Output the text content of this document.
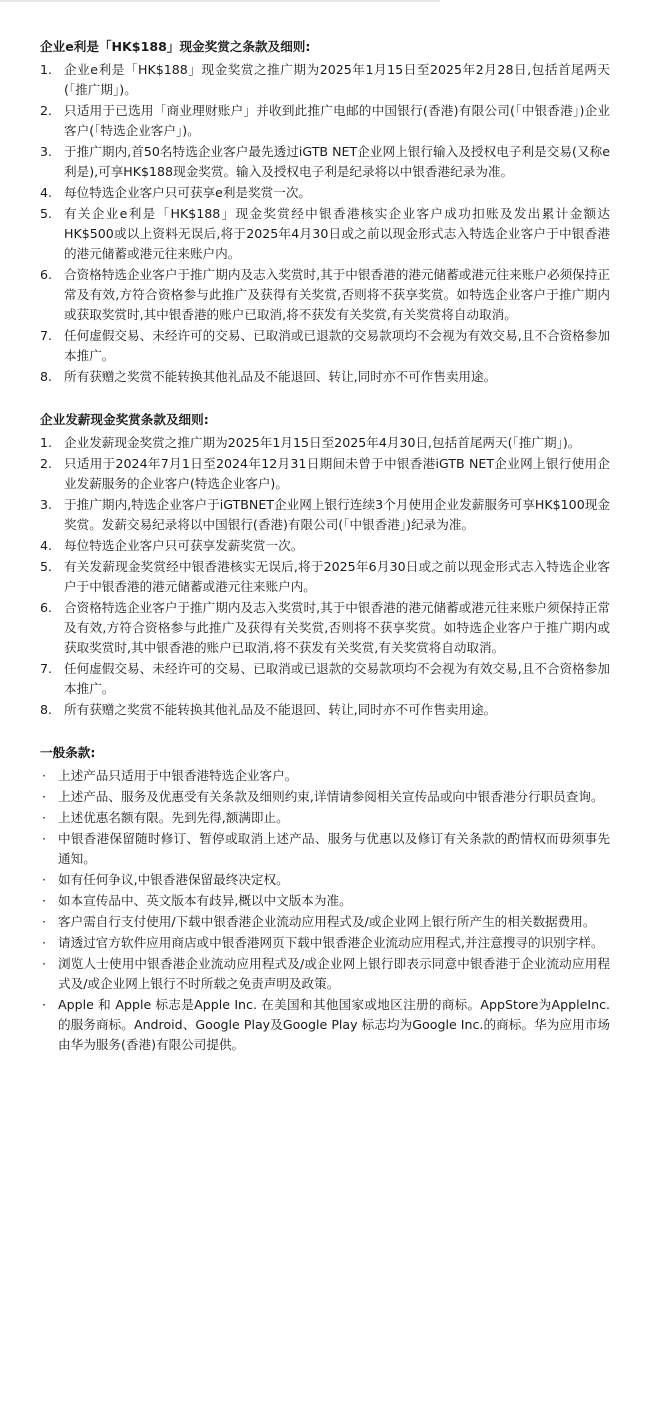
企业e利是「HK$188」现金奖赏之条款及细则:
1. 企业e利是「HK$188」现金奖赏之推广期为2025年1月15日至2025年2月28日,包括首尾两天(「推广期」)。
2. 只适用于已选用「商业理财账户」并收到此推广电邮的中国银行(香港)有限公司(「中银香港」)企业客户(「特选企业客户」)。
3. 于推广期内,首50名特选企业客户最先透过iGTB NET企业网上银行输入及授权电子利是交易(又称e利是),可享HK$188现金奖赏。输入及授权电子利是纪录将以中银香港纪录为准。
4. 每位特选企业客户只可获享e利是奖赏一次。
5. 有关企业e利是「HK$188」现金奖赏经中银香港核实企业客户成功扣账及发出累计金额达HK$500或以上资料无误后,将于2025年4月30日或之前以现金形式志入特选企业客户于中银香港的港元储蓄或港元往来账户内。
6. 合资格特选企业客户于推广期内及志入奖赏时,其于中银香港的港元储蓄或港元往来账户必须保持正常及有效,方符合资格参与此推广及获得有关奖赏,否则将不获享奖赏。如特选企业客户于推广期内或获取奖赏时,其中银香港的账户已取消,将不获发有关奖赏,有关奖赏将自动取消。
7. 任何虚假交易、未经许可的交易、已取消或已退款的交易款项均不会视为有效交易,且不合资格参加本推广。
8. 所有获赠之奖赏不能转换其他礼品及不能退回、转让,同时亦不可作售卖用途。
企业发薪现金奖赏条款及细则:
1. 企业发薪现金奖赏之推广期为2025年1月15日至2025年4月30日,包括首尾两天(「推广期」)。
2. 只适用于2024年7月1日至2024年12月31日期间未曾于中银香港iGTB NET企业网上银行使用企业发薪服务的企业客户(特选企业客户)。
3. 于推广期内,特选企业客户于iGTBNET企业网上银行连续3个月使用企业发薪服务可享HK$100现金奖赏。发薪交易纪录将以中国银行(香港)有限公司(「中银香港」)纪录为准。
4. 每位特选企业客户只可获享发薪奖赏一次。
5. 有关发薪现金奖赏经中银香港核实无误后,将于2025年6月30日或之前以现金形式志入特选企业客户于中银香港的港元储蓄或港元往来账户内。
6. 合资格特选企业客户于推广期内及志入奖赏时,其于中银香港的港元储蓄或港元往来账户须保持正常及有效,方符合资格参与此推广及获得有关奖赏,否则将不获享奖赏。如特选企业客户于推广期内或获取奖赏时,其中银香港的账户已取消,将不获发有关奖赏,有关奖赏将自动取消。
7. 任何虚假交易、未经许可的交易、已取消或已退款的交易款项均不会视为有效交易,且不合资格参加本推广。
8. 所有获赠之奖赏不能转换其他礼品及不能退回、转让,同时亦不可作售卖用途。
一般条款:
· 上述产品只适用于中银香港特选企业客户。
· 上述产品、服务及优惠受有关条款及细则约束,详情请参阅相关宣传品或向中银香港分行职员查询。
· 上述优惠名额有限。先到先得,额满即止。
· 中银香港保留随时修订、暂停或取消上述产品、服务与优惠以及修订有关条款的酌情权而毋须事先通知。
· 如有任何争议,中银香港保留最终决定权。
· 如本宣传品中、英文版本有歧异,概以中文版本为准。
· 客户需自行支付使用/下载中银香港企业流动应用程式及/或企业网上银行所产生的相关数据费用。
· 请透过官方软件应用商店或中银香港网页下载中银香港企业流动应用程式,并注意搜寻的识别字样。
· 浏览人士使用中银香港企业流动应用程式及/或企业网上银行即表示同意中银香港于企业流动应用程式及/或企业网上银行不时所载之免责声明及政策。
· Apple 和 Apple 标志是Apple Inc. 在美国和其他国家或地区注册的商标。AppStore为AppleInc.的服务商标。Android、Google Play及Google Play 标志均为Google Inc.的商标。华为应用市场由华为服务(香港)有限公司提供。
